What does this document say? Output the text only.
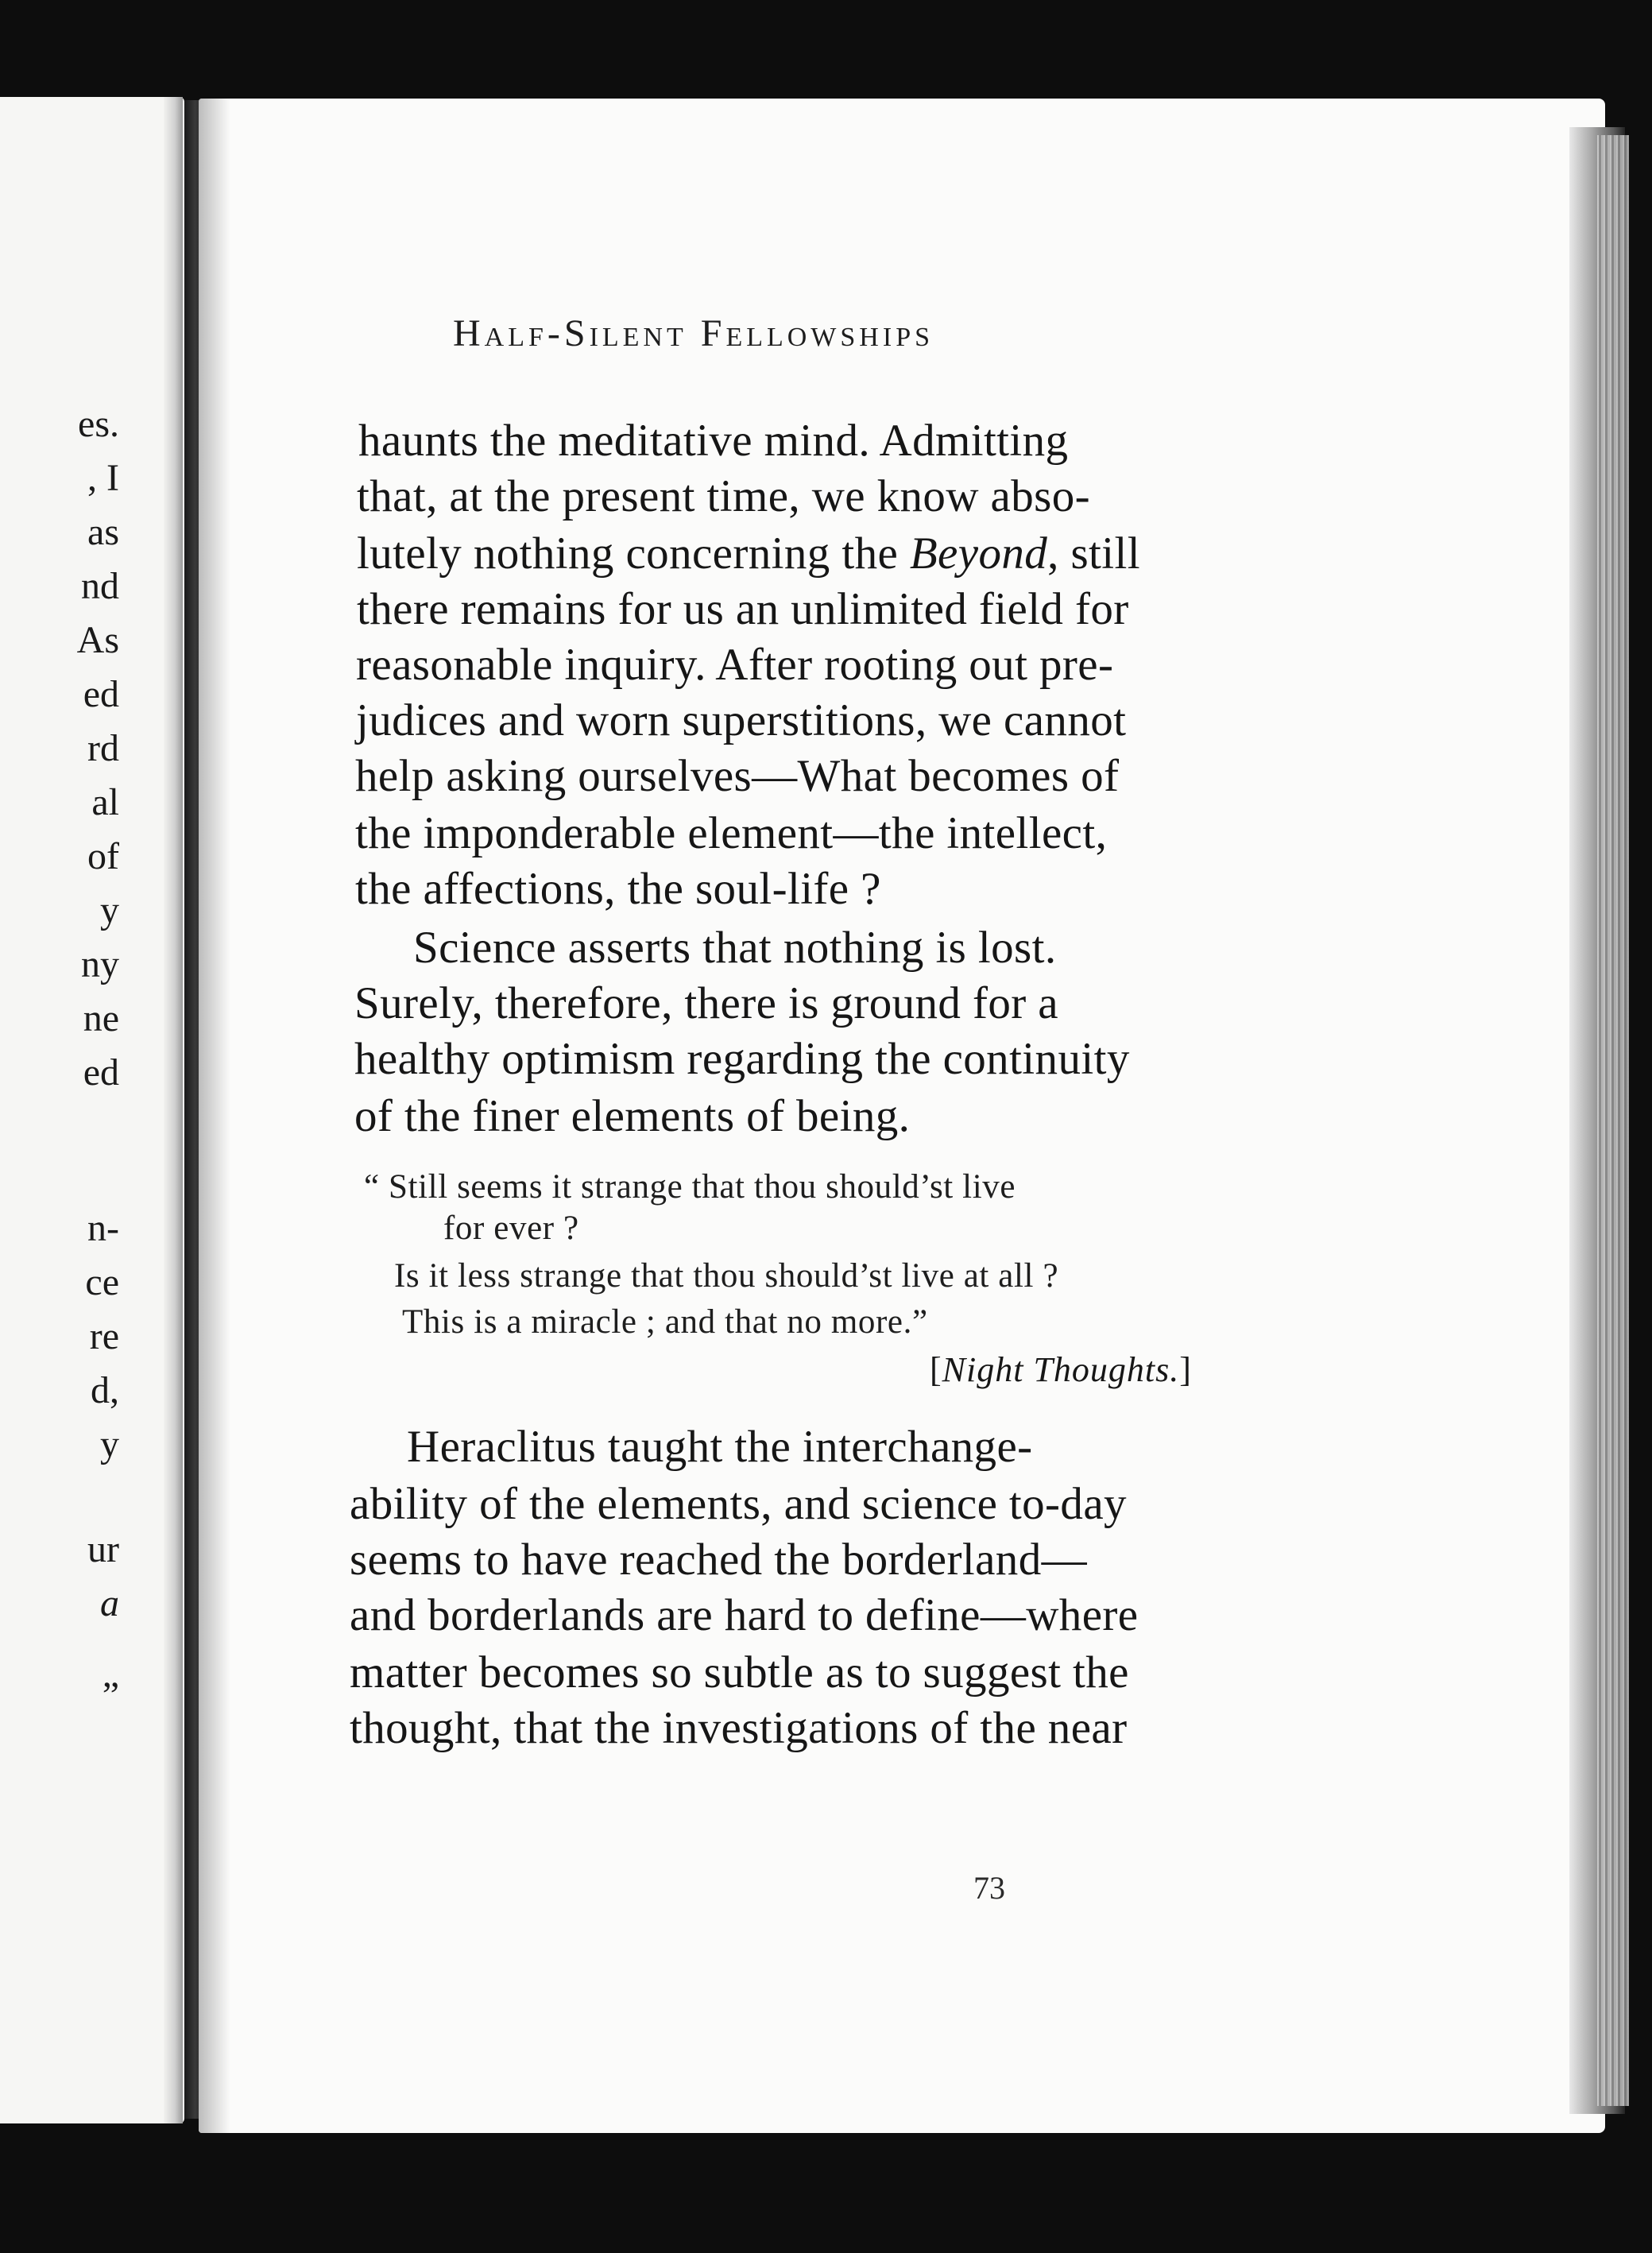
es.
, I
as
nd
As
ed
rd
al
of
y
ny
ne
ed
n-
ce
re
d,
y
ur
a
”
Half-Silent Fellowships

haunts the meditative mind. Admitting

that, at the present time, we know abso-

lutely nothing concerning the Beyond, still

there remains for us an unlimited field for

reasonable inquiry. After rooting out pre-

judices and worn superstitions, we cannot

help asking ourselves—What becomes of

the imponderable element—the intellect,

the affections, the soul-life ?

Science asserts that nothing is lost.

Surely, therefore, there is ground for a

healthy optimism regarding the continuity

of the finer elements of being.

“ Still seems it strange that thou should’st live

for ever ?

Is it less strange that thou should’st live at all ?

This is a miracle ; and that no more.”

[Night Thoughts.]

Heraclitus taught the interchange-

ability of the elements, and science to-day

seems to have reached the borderland—

and borderlands are hard to define—where

matter becomes so subtle as to suggest the

thought, that the investigations of the near

73
